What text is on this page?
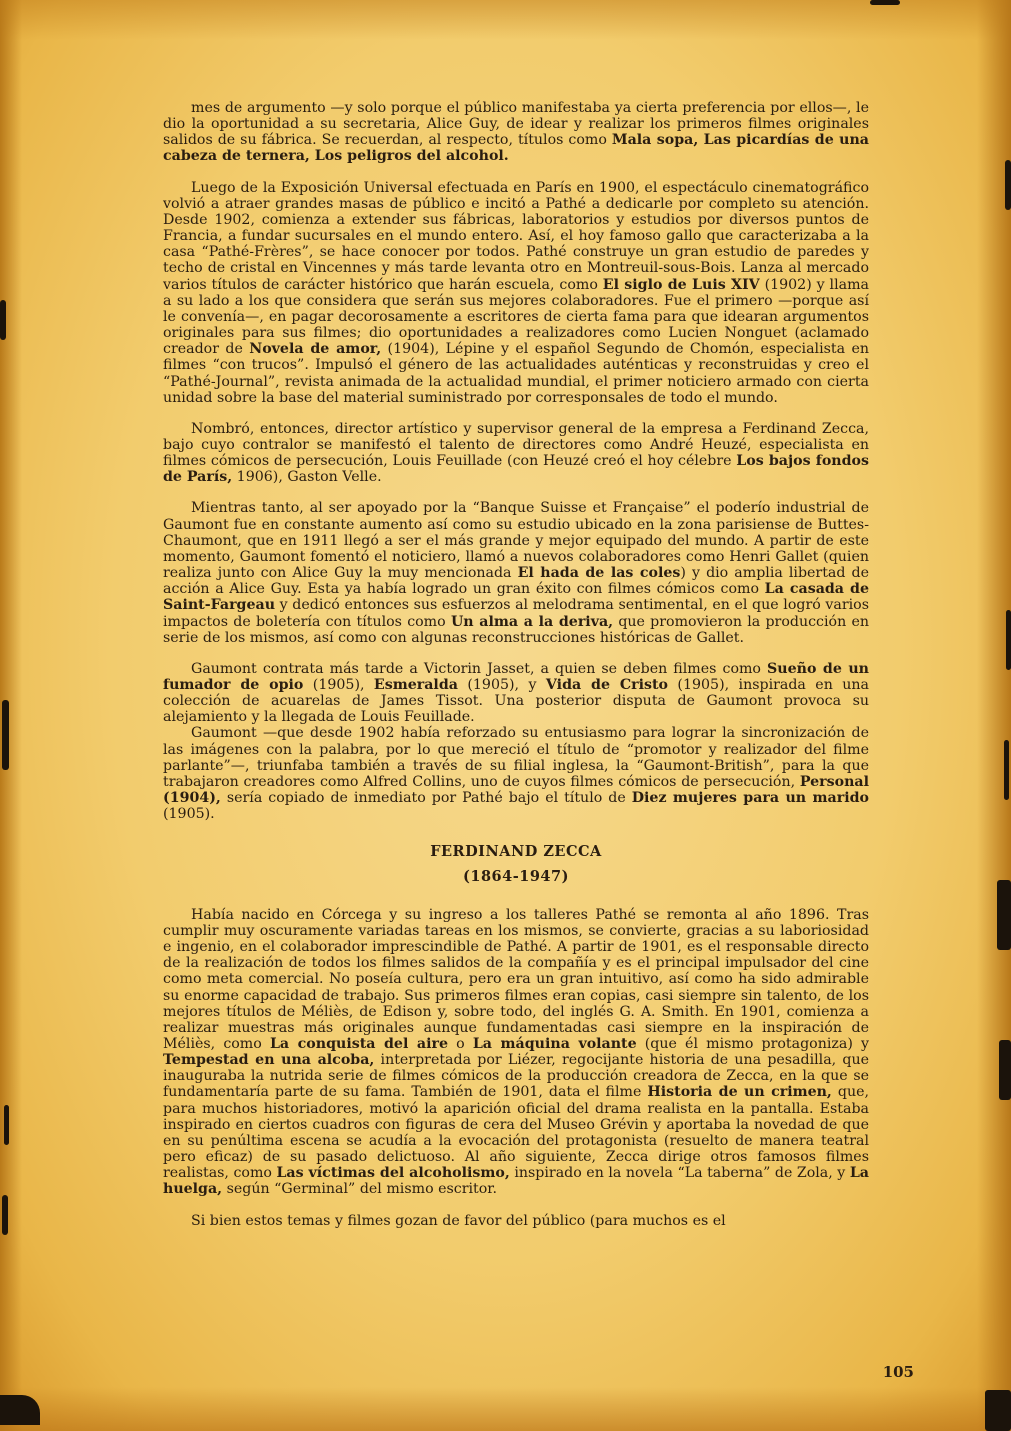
mes de argumento —y solo porque el público manifestaba ya cierta preferencia por ellos—, le dio la oportunidad a su secretaria, Alice Guy, de idear y realizar los primeros filmes originales salidos de su fábrica. Se recuerdan, al respecto, títulos como Mala sopa, Las picardías de una cabeza de ternera, Los peligros del alcohol.

Luego de la Exposición Universal efectuada en París en 1900, el espectáculo cinematográfico volvió a atraer grandes masas de público e incitó a Pathé a dedicarle por completo su atención. Desde 1902, comienza a extender sus fábricas, laboratorios y estudios por diversos puntos de Francia, a fundar sucursales en el mundo entero. Así, el hoy famoso gallo que caracterizaba a la casa “Pathé-Frères”, se hace conocer por todos. Pathé construye un gran estudio de paredes y techo de cristal en Vincennes y más tarde levanta otro en Montreuil-sous-Bois. Lanza al mercado varios títulos de carácter histórico que harán escuela, como El siglo de Luis XIV (1902) y llama a su lado a los que considera que serán sus mejores colaboradores. Fue el primero —porque así le convenía—, en pagar decorosamente a escritores de cierta fama para que idearan argumentos originales para sus filmes; dio oportunidades a realizadores como Lucien Nonguet (aclamado creador de Novela de amor, (1904), Lépine y el español Segundo de Chomón, especialista en filmes “con trucos”. Impulsó el género de las actualidades auténticas y reconstruidas y creo el “Pathé-Journal”, revista animada de la actualidad mundial, el primer noticiero armado con cierta unidad sobre la base del material suministrado por corresponsales de todo el mundo.

Nombró, entonces, director artístico y supervisor general de la empresa a Ferdinand Zecca, bajo cuyo contralor se manifestó el talento de directores como André Heuzé, especialista en filmes cómicos de persecución, Louis Feuillade (con Heuzé creó el hoy célebre Los bajos fondos de París, 1906), Gaston Velle.

Mientras tanto, al ser apoyado por la “Banque Suisse et Française” el poderío industrial de Gaumont fue en constante aumento así como su estudio ubicado en la zona parisiense de Buttes-Chaumont, que en 1911 llegó a ser el más grande y mejor equipado del mundo. A partir de este momento, Gaumont fomentó el noticiero, llamó a nuevos colaboradores como Henri Gallet (quien realiza junto con Alice Guy la muy mencionada El hada de las coles) y dio amplia libertad de acción a Alice Guy. Esta ya había logrado un gran éxito con filmes cómicos como La casada de Saint-Fargeau y dedicó entonces sus esfuerzos al melodrama sentimental, en el que logró varios impactos de boletería con títulos como Un alma a la deriva, que promovieron la producción en serie de los mismos, así como con algunas reconstrucciones históricas de Gallet.

Gaumont contrata más tarde a Victorin Jasset, a quien se deben filmes como Sueño de un fumador de opio (1905), Esmeralda (1905), y Vida de Cristo (1905), inspirada en una colección de acuarelas de James Tissot. Una posterior disputa de Gaumont provoca su alejamiento y la llegada de Louis Feuillade.

Gaumont —que desde 1902 había reforzado su entusiasmo para lograr la sincronización de las imágenes con la palabra, por lo que mereció el título de “promotor y realizador del filme parlante”—, triunfaba también a través de su filial inglesa, la “Gaumont-British”, para la que trabajaron creadores como Alfred Collins, uno de cuyos filmes cómicos de persecución, Personal (1904), sería copiado de inmediato por Pathé bajo el título de Diez mujeres para un marido (1905).

FERDINAND ZECCA

(1864-1947)

Había nacido en Córcega y su ingreso a los talleres Pathé se remonta al año 1896. Tras cumplir muy oscuramente variadas tareas en los mismos, se convierte, gracias a su laboriosidad e ingenio, en el colaborador imprescindible de Pathé. A partir de 1901, es el responsable directo de la realización de todos los filmes salidos de la compañía y es el principal impulsador del cine como meta comercial. No poseía cultura, pero era un gran intuitivo, así como ha sido admirable su enorme capacidad de trabajo. Sus primeros filmes eran copias, casi siempre sin talento, de los mejores títulos de Méliès, de Edison y, sobre todo, del inglés G. A. Smith. En 1901, comienza a realizar muestras más originales aunque fundamentadas casi siempre en la inspiración de Méliès, como La conquista del aire o La máquina volante (que él mismo protagoniza) y Tempestad en una alcoba, interpretada por Liézer, regocijante historia de una pesadilla, que inauguraba la nutrida serie de filmes cómicos de la producción creadora de Zecca, en la que se fundamentaría parte de su fama. También de 1901, data el filme Historia de un crimen, que, para muchos historiadores, motivó la aparición oficial del drama realista en la pantalla. Estaba inspirado en ciertos cuadros con figuras de cera del Museo Grévin y aportaba la novedad de que en su penúltima escena se acudía a la evocación del protagonista (resuelto de manera teatral pero eficaz) de su pasado delictuoso. Al año siguiente, Zecca dirige otros famosos filmes realistas, como Las víctimas del alcoholismo, inspirado en la novela “La taberna” de Zola, y La huelga, según “Germinal” del mismo escritor.

Si bien estos temas y filmes gozan de favor del público (para muchos es el

105
